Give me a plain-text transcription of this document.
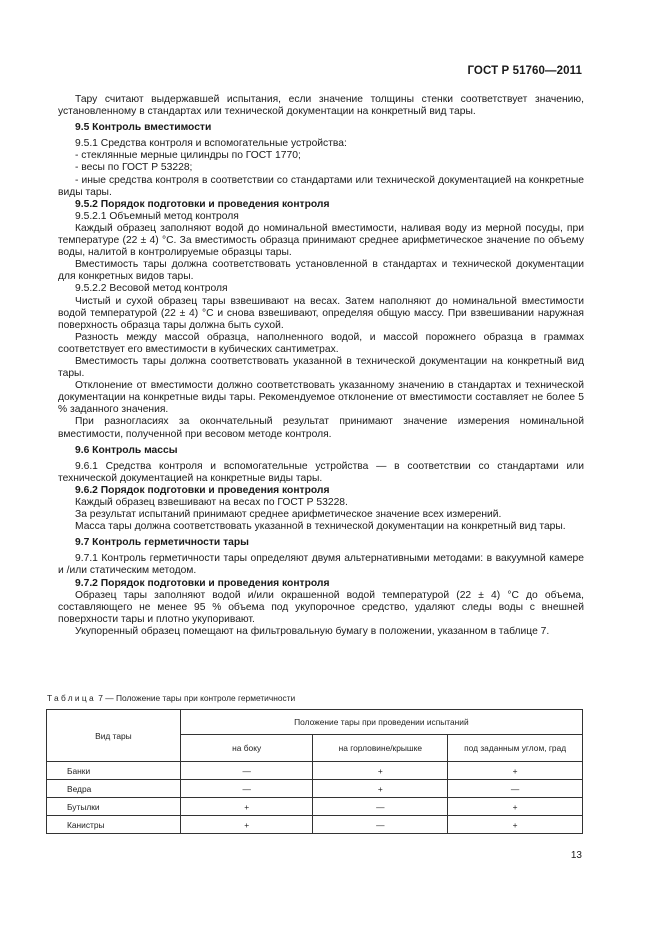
ГОСТ Р 51760—2011

Тару считают выдержавшей испытания, если значение толщины стенки соответствует значению, установленному в стандартах или технической документации на конкретный вид тары.

9.5 Контроль вместимости

9.5.1 Средства контроля и вспомогательные устройства:

- стеклянные мерные цилиндры по ГОСТ 1770;

- весы по ГОСТ Р 53228;

- иные средства контроля в соответствии со стандартами или технической документацией на конкретные виды тары.

9.5.2 Порядок подготовки и проведения контроля

9.5.2.1 Объемный метод контроля

Каждый образец заполняют водой до номинальной вместимости, наливая воду из мерной посуды, при температуре (22 ± 4) °С. За вместимость образца принимают среднее арифметическое значение по объему воды, налитой в контролируемые образцы тары.

Вместимость тары должна соответствовать установленной в стандартах и технической документации для конкретных видов тары.

9.5.2.2 Весовой метод контроля

Чистый и сухой образец тары взвешивают на весах. Затем наполняют до номинальной вместимости водой температурой (22 ± 4) °С и снова взвешивают, определяя общую массу. При взвешивании наружная поверхность образца тары должна быть сухой.

Разность между массой образца, наполненного водой, и массой порожнего образца в граммах соответствует его вместимости в кубических сантиметрах.

Вместимость тары должна соответствовать указанной в технической документации на конкретный вид тары.

Отклонение от вместимости должно соответствовать указанному значению в стандартах и технической документации на конкретные виды тары. Рекомендуемое отклонение от вместимости составляет не более 5 % заданного значения.

При разногласиях за окончательный результат принимают значение измерения номинальной вместимости, полученной при весовом методе контроля.

9.6 Контроль массы

9.6.1 Средства контроля и вспомогательные устройства — в соответствии со стандартами или технической документацией на конкретные виды тары.

9.6.2 Порядок подготовки и проведения контроля

Каждый образец взвешивают на весах по ГОСТ Р 53228.

За результат испытаний принимают среднее арифметическое значение всех измерений.

Масса тары должна соответствовать указанной в технической документации на конкретный вид тары.

9.7 Контроль герметичности тары

9.7.1 Контроль герметичности тары определяют двумя альтернативными методами: в вакуумной камере и /или статическим методом.

9.7.2 Порядок подготовки и проведения контроля

Образец тары заполняют водой и/или окрашенной водой температурой (22 ± 4) °С до объема, составляющего не менее 95 % объема под укупорочное средство, удаляют следы воды с внешней поверхности тары и плотно укупоривают.

Укупоренный образец помещают на фильтровальную бумагу в положении, указанном в таблице 7.

Таблица 7 — Положение тары при контроле герметичности
Вид тары	Положение тары при проведении испытаний		
	на боку	на горловине/крышке	под заданным углом, град
Банки	—	+	+
Ведра	—	+	—
Бутылки	+	—	+
Канистры	+	—	+
13
